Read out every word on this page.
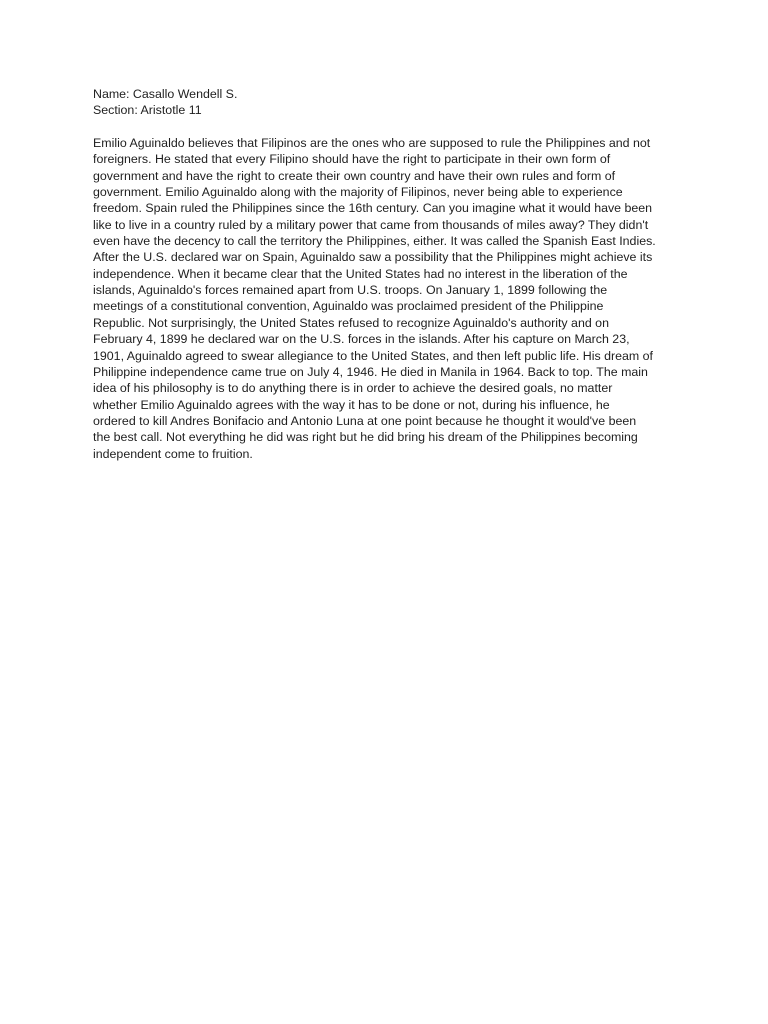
Name: Casallo Wendell S.

Section: Aristotle 11

Emilio Aguinaldo believes that Filipinos are the ones who are supposed to rule the Philippines and not
foreigners. He stated that every Filipino should have the right to participate in their own form of
government and have the right to create their own country and have their own rules and form of
government. Emilio Aguinaldo along with the majority of Filipinos, never being able to experience
freedom. Spain ruled the Philippines since the 16th century. Can you imagine what it would have been
like to live in a country ruled by a military power that came from thousands of miles away? They didn't
even have the decency to call the territory the Philippines, either. It was called the Spanish East Indies.
After the U.S. declared war on Spain, Aguinaldo saw a possibility that the Philippines might achieve its
independence. When it became clear that the United States had no interest in the liberation of the
islands, Aguinaldo's forces remained apart from U.S. troops. On January 1, 1899 following the
meetings of a constitutional convention, Aguinaldo was proclaimed president of the Philippine
Republic. Not surprisingly, the United States refused to recognize Aguinaldo's authority and on
February 4, 1899 he declared war on the U.S. forces in the islands. After his capture on March 23,
1901, Aguinaldo agreed to swear allegiance to the United States, and then left public life. His dream of
Philippine independence came true on July 4, 1946. He died in Manila in 1964. Back to top. The main
idea of his philosophy is to do anything there is in order to achieve the desired goals, no matter
whether Emilio Aguinaldo agrees with the way it has to be done or not, during his influence, he
ordered to kill Andres Bonifacio and Antonio Luna at one point because he thought it would've been
the best call. Not everything he did was right but he did bring his dream of the Philippines becoming
independent come to fruition.
